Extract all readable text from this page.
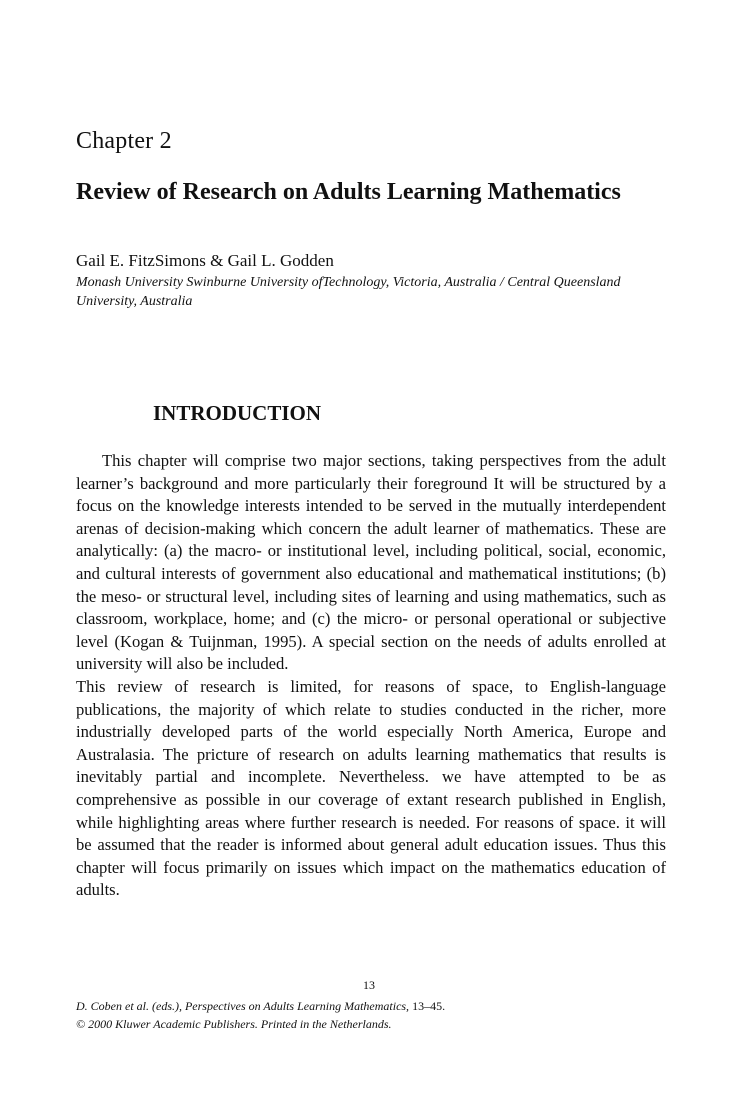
Chapter 2
Review of Research on Adults Learning Mathematics
Gail E. FitzSimons & Gail L. Godden
Monash University Swinburne University ofTechnology, Victoria, Australia / Central Queensland University, Australia
INTRODUCTION

This chapter will comprise two major sections, taking perspectives from the adult learner’s background and more particularly their foreground It will be structured by a focus on the knowledge interests intended to be served in the mutually interdependent arenas of decision-making which concern the adult learner of mathematics. These are analytically: (a) the macro- or institutional level, including political, social, economic, and cultural interests of government also educational and mathematical institutions; (b) the meso- or structural level, including sites of learning and using mathematics, such as classroom, workplace, home; and (c) the micro- or personal operational or subjective level (Kogan & Tuijnman, 1995). A special section on the needs of adults enrolled at university will also be included.

This review of research is limited, for reasons of space, to English-language publications, the majority of which relate to studies conducted in the richer, more industrially developed parts of the world especially North America, Europe and Australasia. The pricture of research on adults learning mathematics that results is inevitably partial and incomplete. Nevertheless. we have attempted to be as comprehensive as possible in our coverage of extant research published in English, while highlighting areas where further research is needed. For reasons of space. it will be assumed that the reader is informed about general adult education issues. Thus this chapter will focus primarily on issues which impact on the mathematics education of adults.

13
D. Coben et al. (eds.), Perspectives on Adults Learning Mathematics, 13–45.
© 2000 Kluwer Academic Publishers. Printed in the Netherlands.
